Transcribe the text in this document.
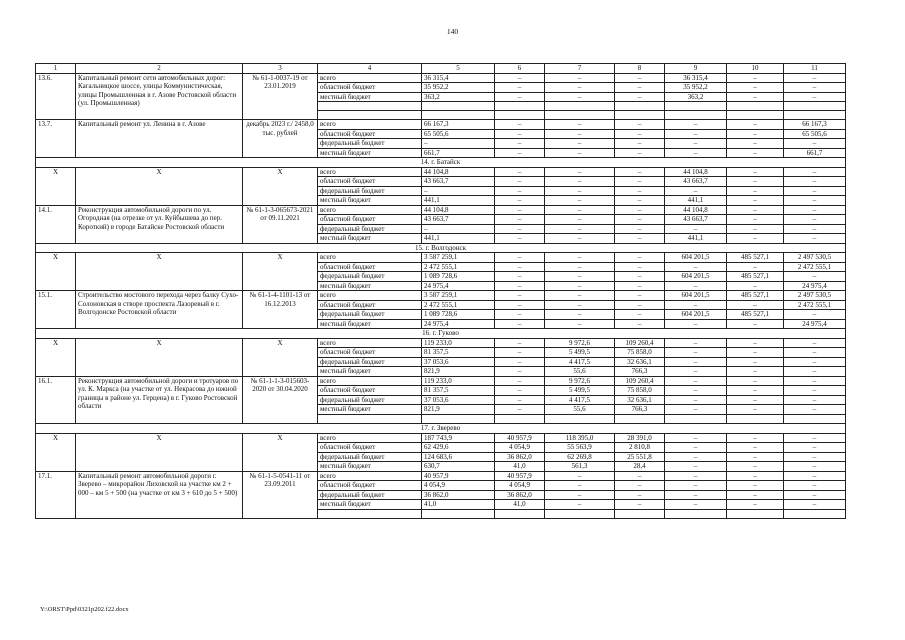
140
1	2	3	4	5	6	7	8	9	10	11
13.6.	Капитальный ремонт сети автомобильных дорог: Кагальницкое шоссе, улицы Коммунистическая, улицы Промышленная в г. Азове Ростовской области (ул. Промышленная)	№ 61-1-0037-19 от 23.01.2019	всего	36 315,4	–	–	–	36 315,4	–	–
			областной бюджет	35 952,2	–	–	–	35 952,2	–	–
			местный бюджет	363,2	–	–	–	363,2	–	–

13.7.	Капитальный ремонт ул. Ленина в г. Азове	декабрь 2023 г./ 2458,0 тыс. рублей	всего	66 167,3	–	–	–	–	–	66 167,3
			областной бюджет	65 505,6	–	–	–	–	–	65 505,6
			федеральный бюджет	–	–	–	–	–	–	–
			местный бюджет	661,7	–	–	–	–	–	661,7
14. г. Батайск										
Х	Х	Х	всего	44 104,8	–	–	–	44 104,8	–	–
			областной бюджет	43 663,7	–	–	–	43 663,7	–	–
			федеральный бюджет	–	–	–	–	–	–	–
			местный бюджет	441,1	–	–	–	441,1	–	–
14.1.	Реконструкция автомобильной дороги по ул. Огородная (на отрезке от ул. Куйбышева до пер. Короткий) в городе Батайске Ростовской области	№ 61-1-3-065673-2021 от 09.11.2021	всего	44 104,8	–	–	–	44 104,8	–	–
			областной бюджет	43 663,7	–	–	–	43 663,7	–	–
			федеральный бюджет	–	–	–	–	–	–	–
			местный бюджет	441,1	–	–	–	441,1	–	–
15. г. Волгодонск										
Х	Х	Х	всего	3 587 259,1	–	–	–	604 201,5	485 527,1	2 497 530,5
			областной бюджет	2 472 555,1	–	–	–	–	–	2 472 555,1
			федеральный бюджет	1 089 728,6	–	–	–	604 201,5	485 527,1	–
			местный бюджет	24 975,4	–	–	–	–	–	24 975,4
15.1.	Строительство мостового перехода через балку Сухо-Солоновская в створе проспекта Лазоревый в г. Волгодонске Ростовской области	№ 61-1-4-1101-13 от 16.12.2013	всего	3 587 259,1	–	–	–	604 201,5	485 527,1	2 497 530,5
			областной бюджет	2 472 555,1	–	–	–	–	–	2 472 555,1
			федеральный бюджет	1 089 728,6	–	–	–	604 201,5	485 527,1	–
			местный бюджет	24 975,4	–	–	–	–	–	24 975,4
16. г. Гуково										
Х	Х	Х	всего	119 233,0	–	9 972,6	109 260,4	–	–	–
			областной бюджет	81 357,5	–	5 499,5	75 858,0	–	–	–
			федеральный бюджет	37 053,6	–	4 417,5	32 636,1	–	–	–
			местный бюджет	821,9	–	55,6	766,3	–	–	–
16.1.	Реконструкция автомобильной дороги и тротуаров по ул. К. Маркса (на участке от ул. Некрасова до южной границы в районе ул. Герцена) в г. Гуково Ростовской области	№ 61-1-1-3-015603-2020 от 30.04.2020	всего	119 233,0	–	9 972,6	109 260,4	–	–	–
			областной бюджет	81 357,5	–	5 499,5	75 858,0	–	–	–
			федеральный бюджет	37 053,6	–	4 417,5	32 636,1	–	–	–
			местный бюджет	821,9	–	55,6	766,3	–	–	–

17. г. Зверево										
Х	Х	Х	всего	187 743,9	40 957,9	118 395,0	28 391,0	–	–	–
			областной бюджет	62 429,6	4 054,9	55 563,9	2 810,8	–	–	–
			федеральный бюджет	124 683,6	36 862,0	62 269,8	25 551,8	–	–	–
			местный бюджет	630,7	41,0	561,3	28,4	–	–	–
17.1.	Капитальный ремонт автомобильной дороги г. Зверево – микрорайон Лиховской на участке км 2 + 000 – км 5 + 500 (на участке от км 3 + 610 до 5 + 500)	№ 61-1-5-0541-11 от 23.09.2011	всего	40 957,9	40 957,9	–	–	–	–	–
			областной бюджет	4 054,9	4 054,9	–	–	–	–	–
			федеральный бюджет	36 862,0	36 862,0	–	–	–	–	–
			местный бюджет	41,0	41,0	–	–	–	–	–

Y:\ORST\Ppd\0321p202.f22.docx
